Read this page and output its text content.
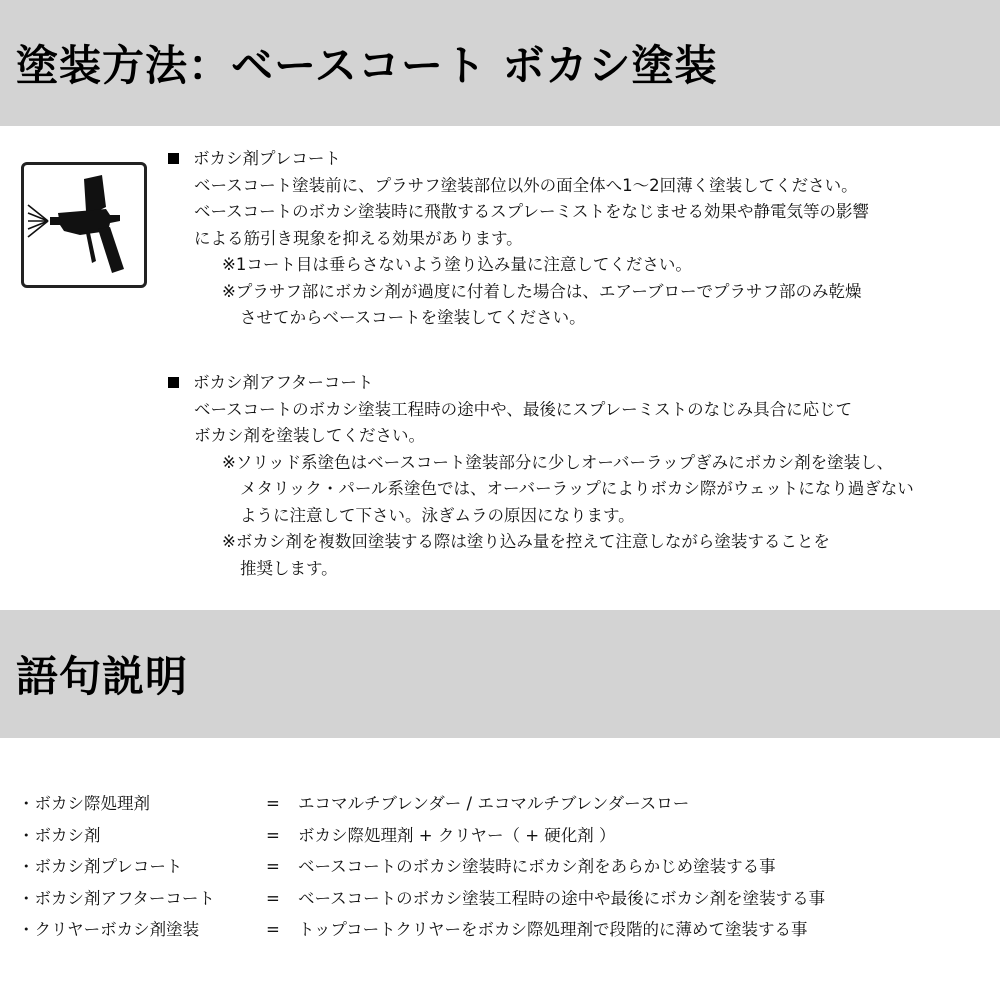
塗装方法：ベースコート ボカシ塗装
ボカシ剤プレコート
ベースコート塗装前に、プラサフ塗装部位以外の面全体へ1～2回薄く塗装してください。
ベースコートのボカシ塗装時に飛散するスプレーミストをなじませる効果や静電気等の影響
による筋引き現象を抑える効果があります。
※1コート目は垂らさないよう塗り込み量に注意してください。
※プラサフ部にボカシ剤が過度に付着した場合は、エアーブローでプラサフ部のみ乾燥
させてからベースコートを塗装してください。
ボカシ剤アフターコート
ベースコートのボカシ塗装工程時の途中や、最後にスプレーミストのなじみ具合に応じて
ボカシ剤を塗装してください。
※ソリッド系塗色はベースコート塗装部分に少しオーバーラップぎみにボカシ剤を塗装し、
メタリック・パール系塗色では、オーバーラップによりボカシ際がウェットになり過ぎない
ように注意して下さい。泳ぎムラの原因になります。
※ボカシ剤を複数回塗装する際は塗り込み量を控えて注意しながら塗装することを
推奨します。
語句説明
・ボカシ際処理剤	=	エコマルチブレンダー / エコマルチブレンダースロー
・ボカシ剤	=	ボカシ際処理剤 + クリヤー（ + 硬化剤 ）
・ボカシ剤プレコート	=	ベースコートのボカシ塗装時にボカシ剤をあらかじめ塗装する事
・ボカシ剤アフターコート	=	ベースコートのボカシ塗装工程時の途中や最後にボカシ剤を塗装する事
・クリヤーボカシ剤塗装	=	トップコートクリヤーをボカシ際処理剤で段階的に薄めて塗装する事
